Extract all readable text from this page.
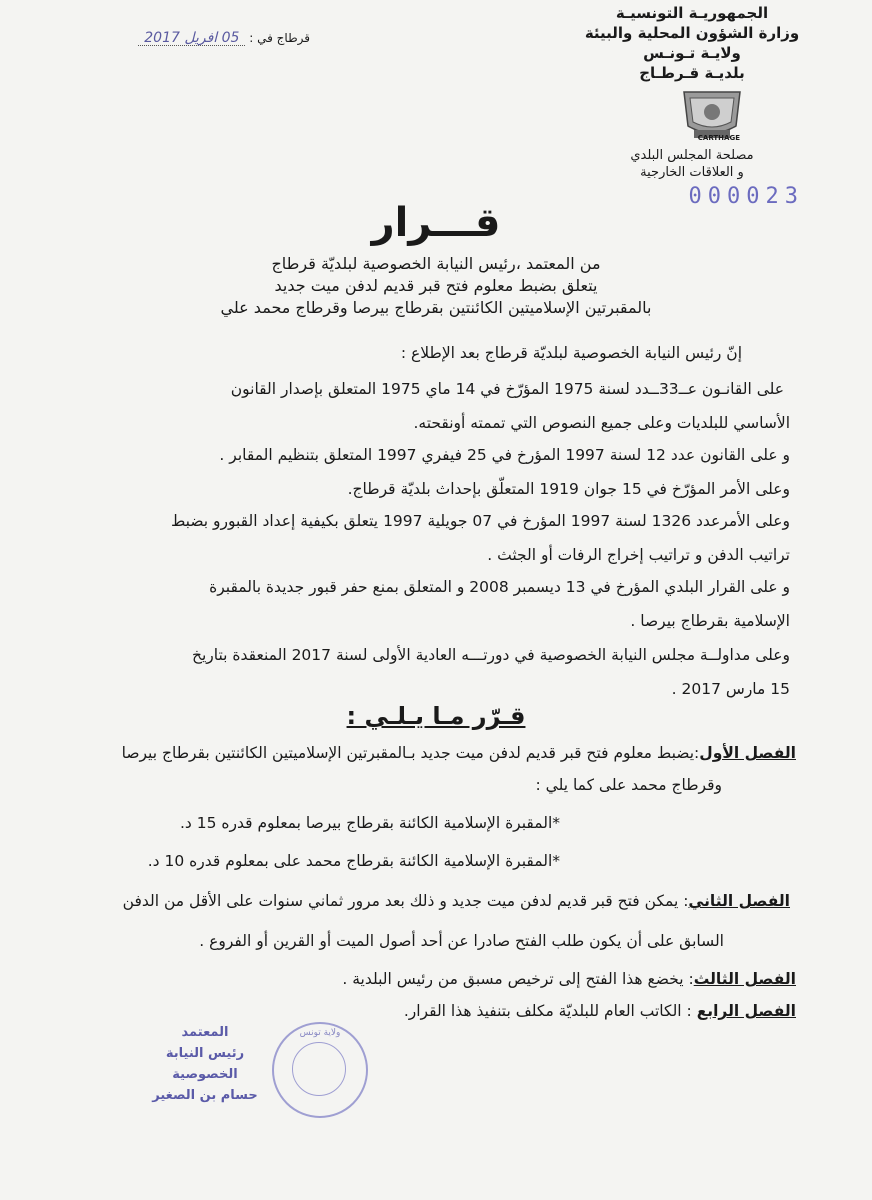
الجمهوريـة التونسيـة
وزارة الشؤون المحلية والبيئة
ولايـة تـونـس
بلديـة قـرطـاج
CARTHAGE
مصلحة المجلس البلدي
و العلاقات الخارجية
000023
قرطاج في : 05 افريل 2017
قـــرار
من المعتمد ،رئيس النيابة الخصوصية لبلديّة قرطاج
يتعلق بضبط معلوم فتح قبر قديم لدفن ميت جديد
بالمقبرتين الإسلاميتين الكائنتين بقرطاج بيرصا وقرطاج محمد علي
إنّ رئيس النيابة الخصوصية لبلديّة قرطاج بعد الإطلاع :
على القانـون عــ33ــدد لسنة 1975 المؤرّخ في 14 ماي 1975 المتعلق بإصدار القانون
الأساسي للبلديات وعلى جميع النصوص التي تممته أونقحته.
و على القانون عدد 12 لسنة 1997 المؤرخ في 25 فيفري 1997 المتعلق بتنظيم المقابر .
وعلى الأمر المؤرّخ في 15 جوان 1919 المتعلّق بإحداث بلديّة قرطاج.
وعلى الأمرعدد 1326 لسنة 1997 المؤرخ في 07 جويلية 1997 يتعلق بكيفية إعداد القبورو بضبط
تراتيب الدفن و تراتيب إخراج الرفات أو الجثث .
و على القرار البلدي المؤرخ في 13 ديسمبر 2008 و المتعلق بمنع حفر قبور جديدة بالمقبرة
الإسلامية بقرطاج بيرصا .
وعلى مداولــة مجلس النيابة الخصوصية في دورتـــه العادية الأولى لسنة 2017 المنعقدة بتاريخ
15 مارس 2017 .
قـرّر مـا يـلـي :
الفصل الأول:يضبط معلوم فتح قبر قديم لدفن ميت جديد بـالمقبرتين الإسلاميتين الكائنتين بقرطاج بيرصا
وقرطاج محمد على كما يلي :
*المقبرة الإسلامية الكائنة بقرطاج بيرصا بمعلوم قدره 15 د.
*المقبرة الإسلامية الكائنة بقرطاج محمد على بمعلوم قدره 10 د.
الفصل الثاني: يمكن فتح قبر قديم لدفن ميت جديد و ذلك بعد مرور ثماني سنوات على الأقل من الدفن
السابق على أن يكون طلب الفتح صادرا عن أحد أصول الميت أو القرين أو الفروع .
الفصل الثالث: يخضع هذا الفتح إلى ترخيص مسبق من رئيس البلدية .
الفصل الرابع : الكاتب العام للبلديّة مكلف بتنفيذ هذا القرار.
ولاية تونس
المعتمد
رئيس النيابة الخصوصية
حسام بن الصغير
